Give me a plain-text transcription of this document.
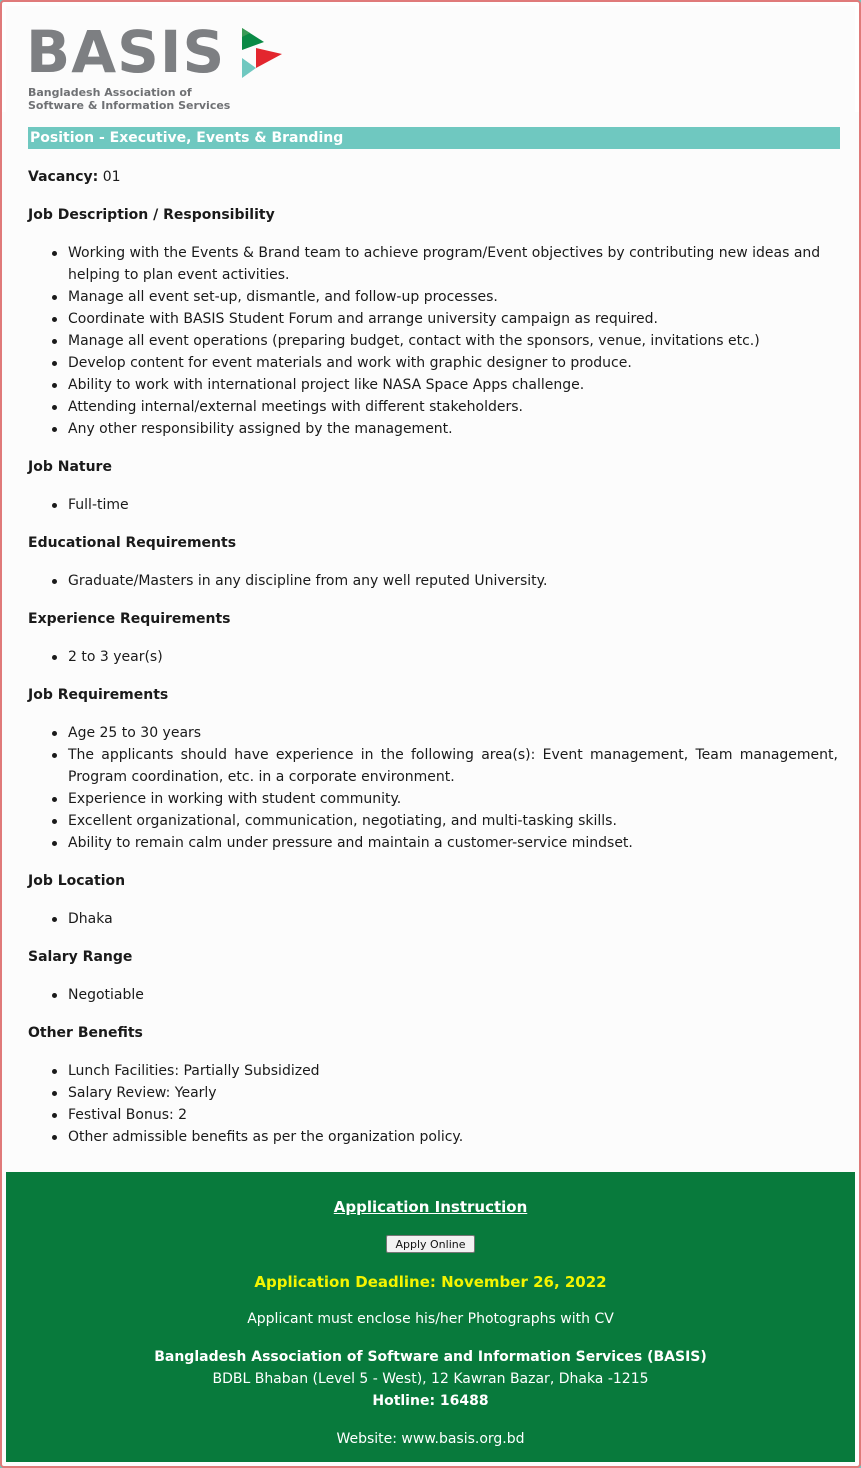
BASIS
Bangladesh Association of
Software & Information Services
Position - Executive, Events & Branding
Vacancy: 01
Job Description / Responsibility
Working with the Events & Brand team to achieve program/Event objectives by contributing new ideas and helping to plan event activities.
Manage all event set-up, dismantle, and follow-up processes.
Coordinate with BASIS Student Forum and arrange university campaign as required.
Manage all event operations (preparing budget, contact with the sponsors, venue, invitations etc.)
Develop content for event materials and work with graphic designer to produce.
Ability to work with international project like NASA Space Apps challenge.
Attending internal/external meetings with different stakeholders.
Any other responsibility assigned by the management.
Job Nature
Full-time
Educational Requirements
Graduate/Masters in any discipline from any well reputed University.
Experience Requirements
2 to 3 year(s)
Job Requirements
Age 25 to 30 years
The applicants should have experience in the following area(s): Event management, Team management, Program coordination, etc. in a corporate environment.
Experience in working with student community.
Excellent organizational, communication, negotiating, and multi-tasking skills.
Ability to remain calm under pressure and maintain a customer-service mindset.
Job Location
Dhaka
Salary Range
Negotiable
Other Benefits
Lunch Facilities: Partially Subsidized
Salary Review: Yearly
Festival Bonus: 2
Other admissible benefits as per the organization policy.
Application Instruction
Apply Online
Application Deadline: November 26, 2022
Applicant must enclose his/her Photographs with CV
Bangladesh Association of Software and Information Services (BASIS)
BDBL Bhaban (Level 5 - West), 12 Kawran Bazar, Dhaka -1215
Hotline: 16488
Website: www.basis.org.bd
